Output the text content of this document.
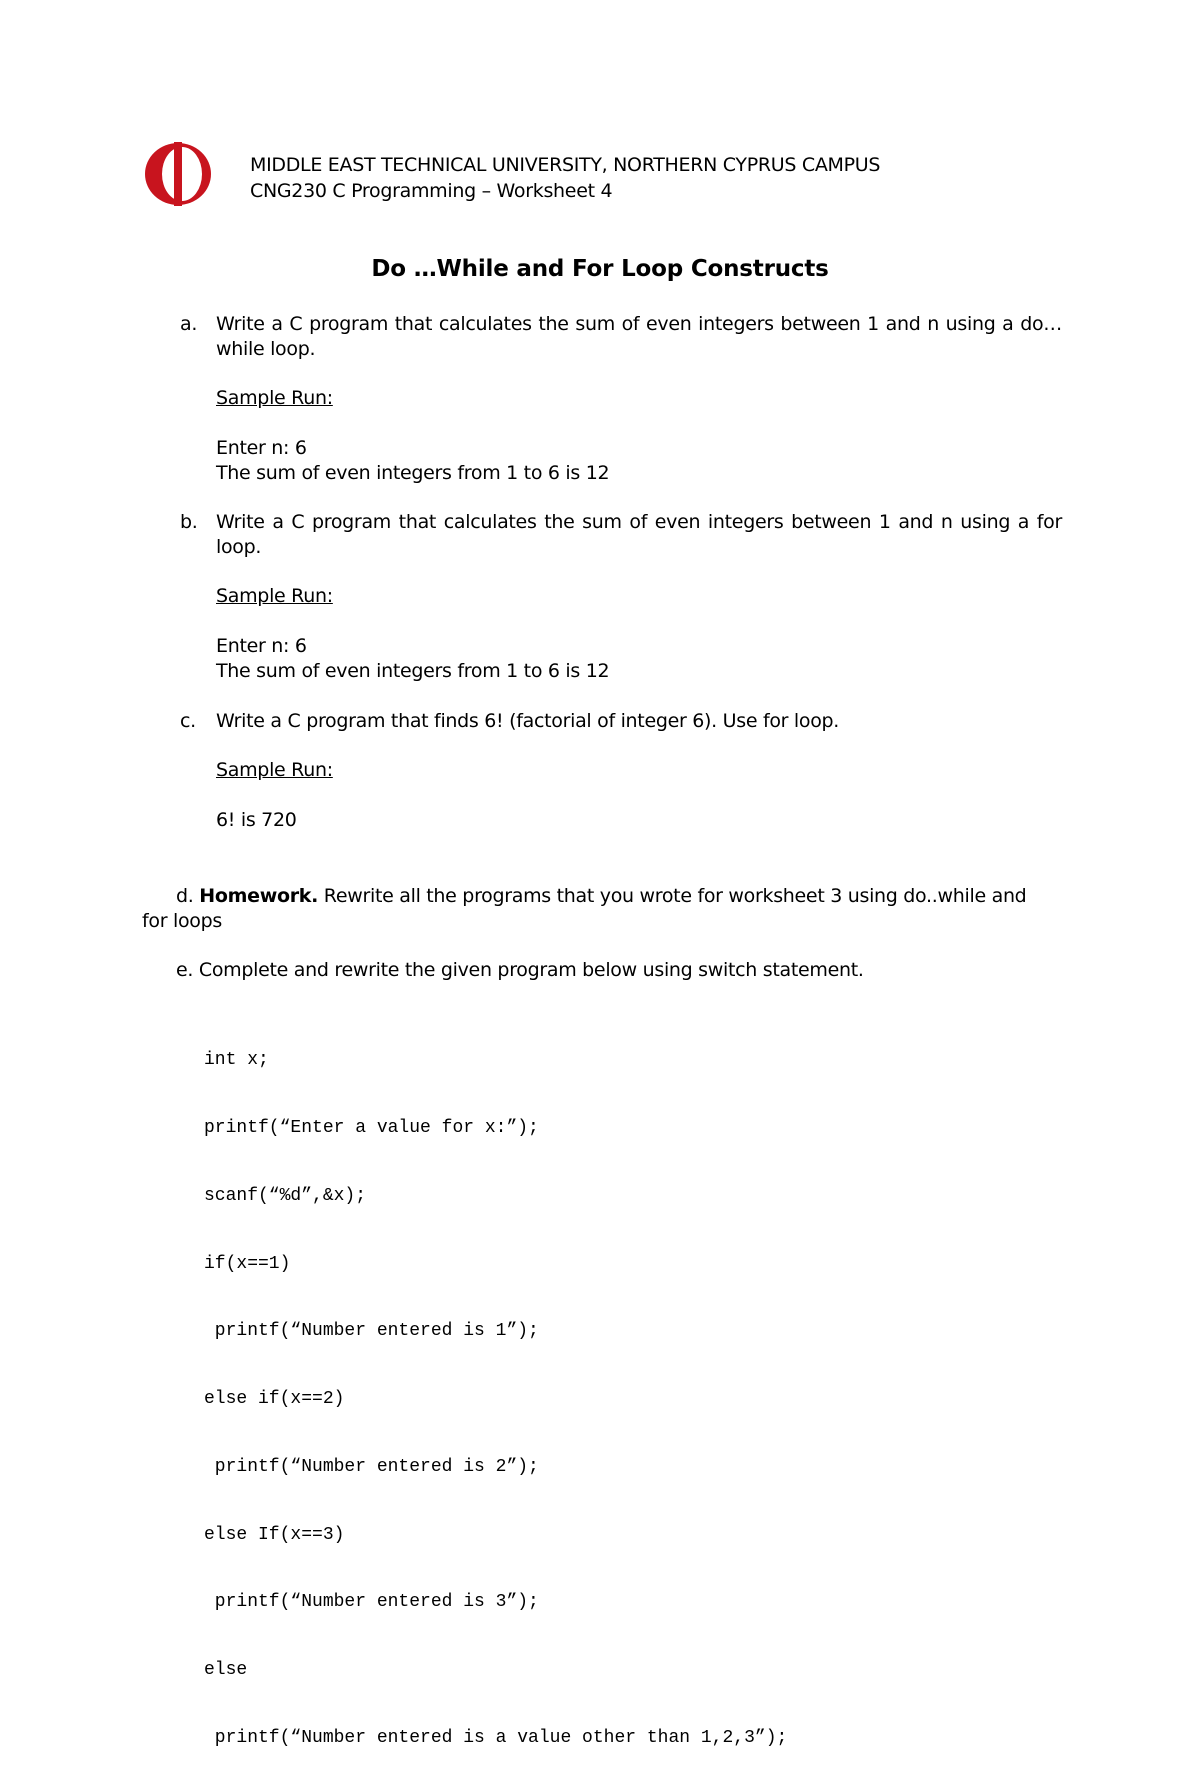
MIDDLE EAST TECHNICAL UNIVERSITY, NORTHERN CYPRUS CAMPUS
CNG230 C Programming – Worksheet 4
Do …While and For Loop Constructs
a. Write a C program that calculates the sum of even integers between 1 and n using a do…while loop.
Sample Run:
Enter n: 6
The sum of even integers from 1 to 6 is 12
b. Write a C program that calculates the sum of even integers between 1 and n using a for loop.
Sample Run:
Enter n: 6
The sum of even integers from 1 to 6 is 12
c.	Write a C program that finds 6! (factorial of integer 6). Use for loop.
Sample Run:
6! is 720
d. Homework. Rewrite all the programs that you wrote for worksheet 3 using do..while and
for loops
e. Complete and rewrite the given program below using switch statement.

int x;

printf(“Enter a value for x:”);

scanf(“%d”,&x);

if(x==1)

printf(“Number entered is 1”);

else if(x==2)

printf(“Number entered is 2”);

else If(x==3)

printf(“Number entered is 3”);

else

printf(“Number entered is a value other than 1,2,3”);
